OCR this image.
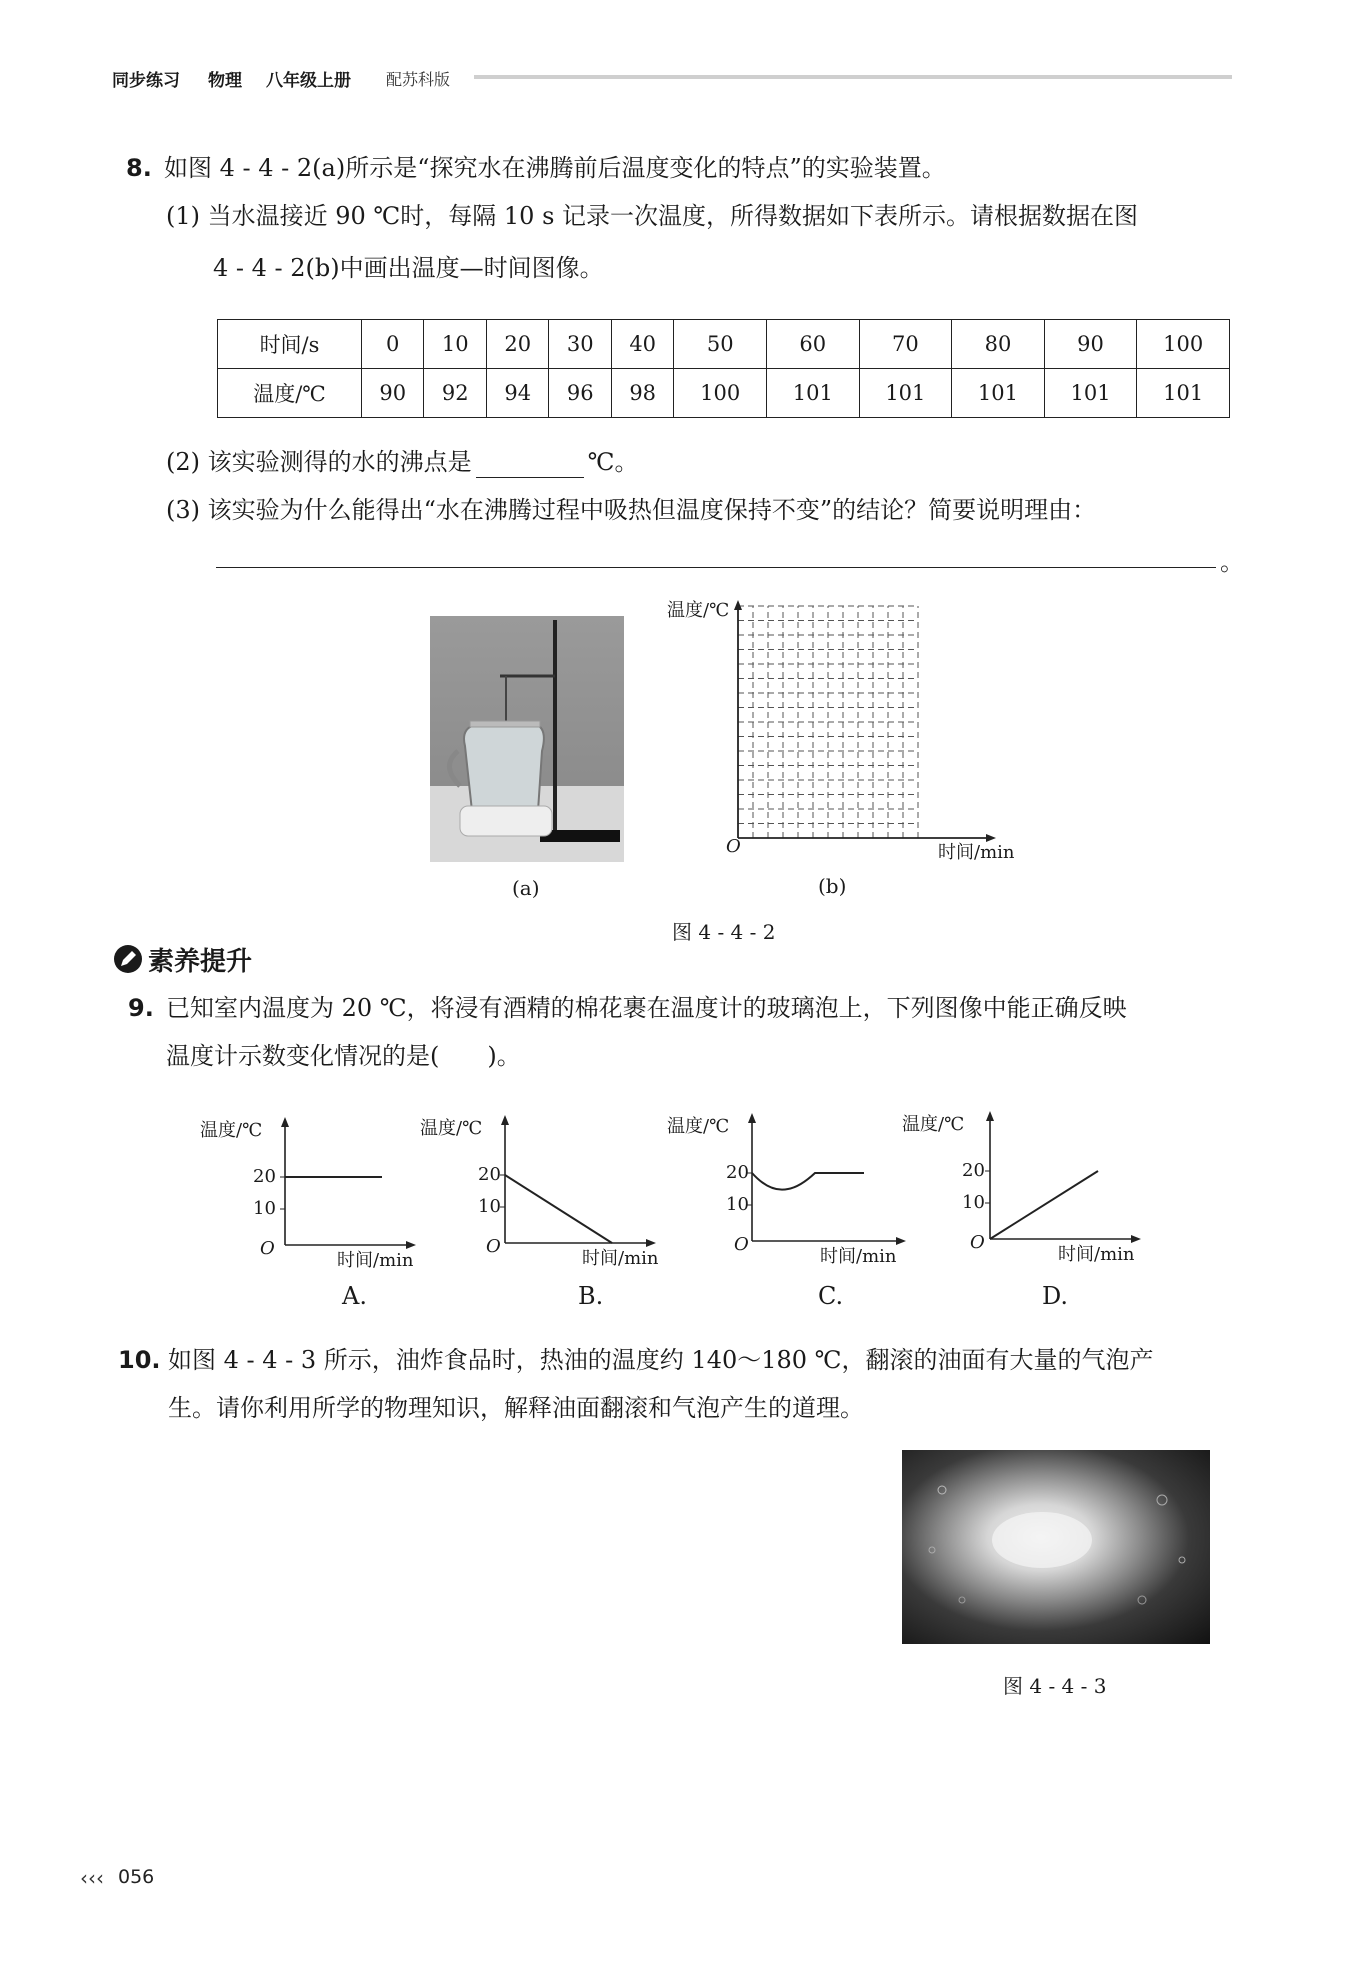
同步练习 物理 八年级上册 配苏科版
8. 如图 4 - 4 - 2(a)所示是“探究水在沸腾前后温度变化的特点”的实验装置。
(1) 当水温接近 90 ℃时，每隔 10 s 记录一次温度，所得数据如下表所示。请根据数据在图
4 - 4 - 2(b)中画出温度—时间图像。
时间/s	0	10	20	30	40	50	60	70	80	90	100
温度/℃	90	92	94	96	98	100	101	101	101	101	101
(2) 该实验测得的水的沸点是	℃。
(3) 该实验为什么能得出“水在沸腾过程中吸热但温度保持不变”的结论？简要说明理由：
。
(a)
温度/℃
时间/min
O
(b)
图 4 - 4 - 2
素养提升
9. 已知室内温度为 20 ℃，将浸有酒精的棉花裹在温度计的玻璃泡上，下列图像中能正确反映
温度计示数变化情况的是(　　)。
温度/℃
20
10
O
时间/min
A.
温度/℃
20
10
O
时间/min
B.
温度/℃
20
10
O
时间/min
C.
温度/℃
20
10
O
时间/min
D.
10. 如图 4 - 4 - 3 所示，油炸食品时，热油的温度约 140～180 ℃，翻滚的油面有大量的气泡产
生。请你利用所学的物理知识，解释油面翻滚和气泡产生的道理。
图 4 - 4 - 3
‹‹‹ 056
